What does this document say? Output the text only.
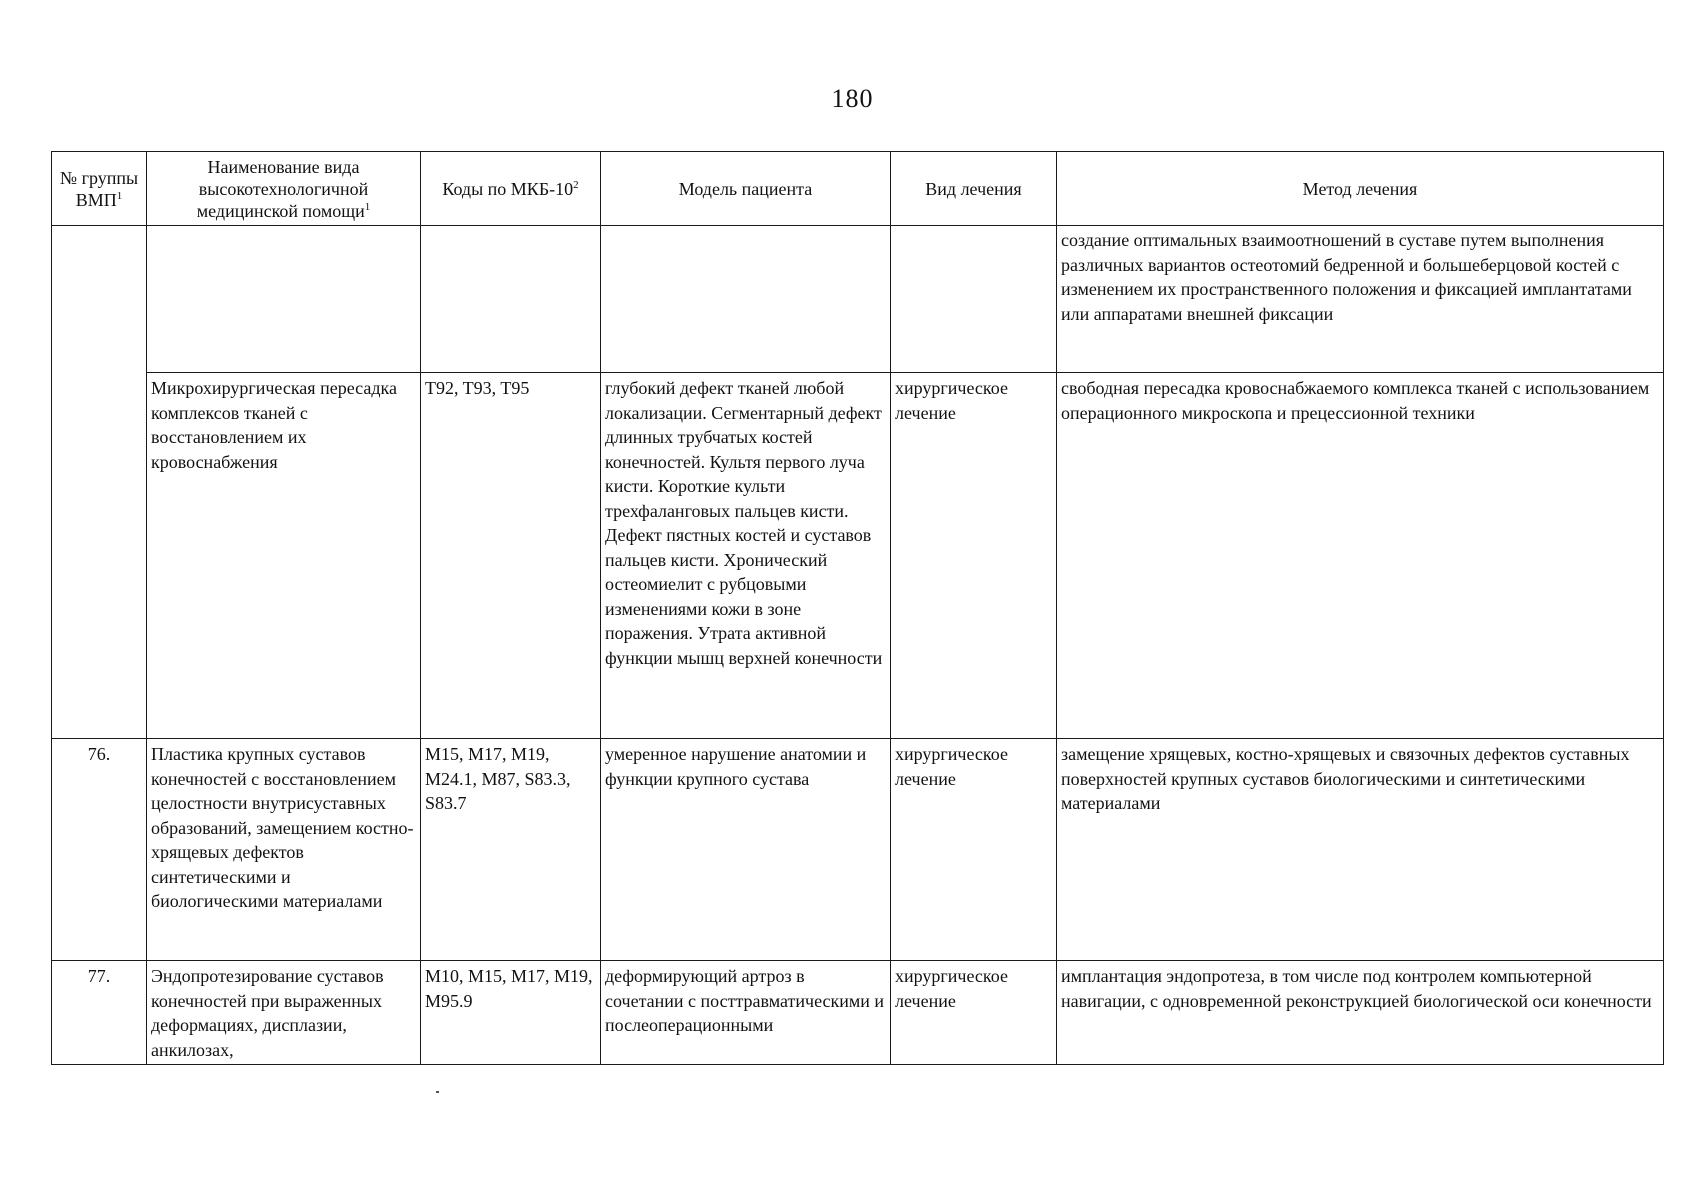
180
№ группы ВМП$^1$	Наименование вида высокотехнологичной медицинской помощи$^1$	Коды по МКБ-$10^2$	Модель пациента	Вид лечения	Метод лечения
					создание оптимальных взаимоотношений в суставе путем выполнения различных вариантов остеотомий бедренной и большеберцовой костей с изменением их пространственного положения и фиксацией имплантатами или аппаратами внешней фиксации
	Микрохирургическая пересадка комплексов тканей с восстановлением их кровоснабжения	T92, T93, T95	глубокий дефект тканей любой локализации. Сегментарный дефект длинных трубчатых костей конечностей. Культя первого луча кисти. Короткие культи трехфаланговых пальцев кисти. Дефект пястных костей и суставов пальцев кисти. Хронический остеомиелит с рубцовыми изменениями кожи в зоне поражения. Утрата активной функции мышц верхней конечности	хирургическое лечение	свободная пересадка кровоснабжаемого комплекса тканей с использованием операционного микроскопа и прецессионной техники
76.	Пластика крупных суставов конечностей с восстановлением целостности внутрисуставных образований, замещением костно-хрящевых дефектов синтетическими и биологическими материалами	M15, M17, M19, M24.1, M87, S83.3, S83.7	умеренное нарушение анатомии и функции крупного сустава	хирургическое лечение	замещение хрящевых, костно-хрящевых и связочных дефектов суставных поверхностей крупных суставов биологическими и синтетическими материалами
77.	Эндопротезирование суставов конечностей при выраженных деформациях, дисплазии, анкилозах,	M10, M15, M17, M19, M95.9	деформирующий артроз в сочетании с посттравматическими и послеоперационными	хирургическое лечение	имплантация эндопротеза, в том числе под контролем компьютерной навигации, с одновременной реконструкцией биологической оси конечности
